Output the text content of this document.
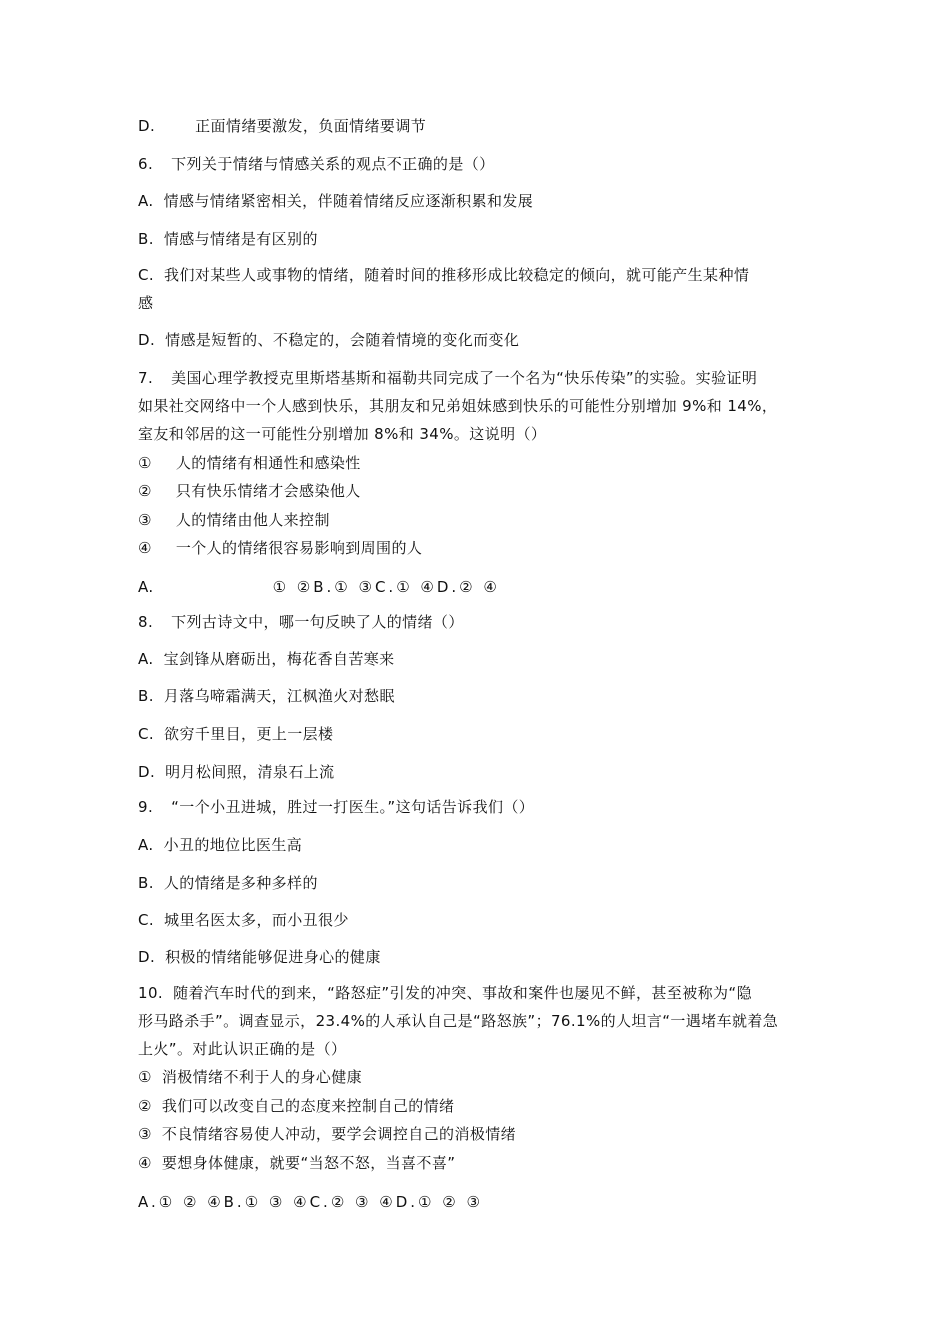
D.	正面情绪要激发，负面情绪要调节
6. 下列关于情绪与情感关系的观点不正确的是（）
A. 情感与情绪紧密相关，伴随着情绪反应逐渐积累和发展
B. 情感与情绪是有区别的
C. 我们对某些人或事物的情绪，随着时间的推移形成比较稳定的倾向，就可能产生某种情
感
D. 情感是短暂的、不稳定的，会随着情境的变化而变化
7. 美国心理学教授克里斯塔基斯和福勒共同完成了一个名为“快乐传染”的实验。实验证明
如果社交网络中一个人感到快乐，其朋友和兄弟姐妹感到快乐的可能性分别增加 9%和 14%，
室友和邻居的这一可能性分别增加 8%和 34%。这说明（）
① 人的情绪有相通性和感染性
② 只有快乐情绪才会感染他人
③ 人的情绪由他人来控制
④ 一个人的情绪很容易影响到周围的人
A.	① ②B.① ③C.① ④D.② ④
8. 下列古诗文中，哪一句反映了人的情绪（）
A. 宝剑锋从磨砺出，梅花香自苦寒来
B. 月落乌啼霜满天，江枫渔火对愁眠
C. 欲穷千里目，更上一层楼
D. 明月松间照，清泉石上流
9. “一个小丑进城，胜过一打医生。”这句话告诉我们（）
A. 小丑的地位比医生高
B. 人的情绪是多种多样的
C. 城里名医太多，而小丑很少
D. 积极的情绪能够促进身心的健康
10. 随着汽车时代的到来，“路怒症”引发的冲突、事故和案件也屡见不鲜，甚至被称为“隐
形马路杀手”。调查显示，23.4%的人承认自己是“路怒族”；76.1%的人坦言“一遇堵车就着急
上火”。对此认识正确的是（）
① 消极情绪不利于人的身心健康
② 我们可以改变自己的态度来控制自己的情绪
③ 不良情绪容易使人冲动，要学会调控自己的消极情绪
④ 要想身体健康，就要“当怒不怒，当喜不喜”
A.① ② ④B.① ③ ④C.② ③ ④D.① ② ③
